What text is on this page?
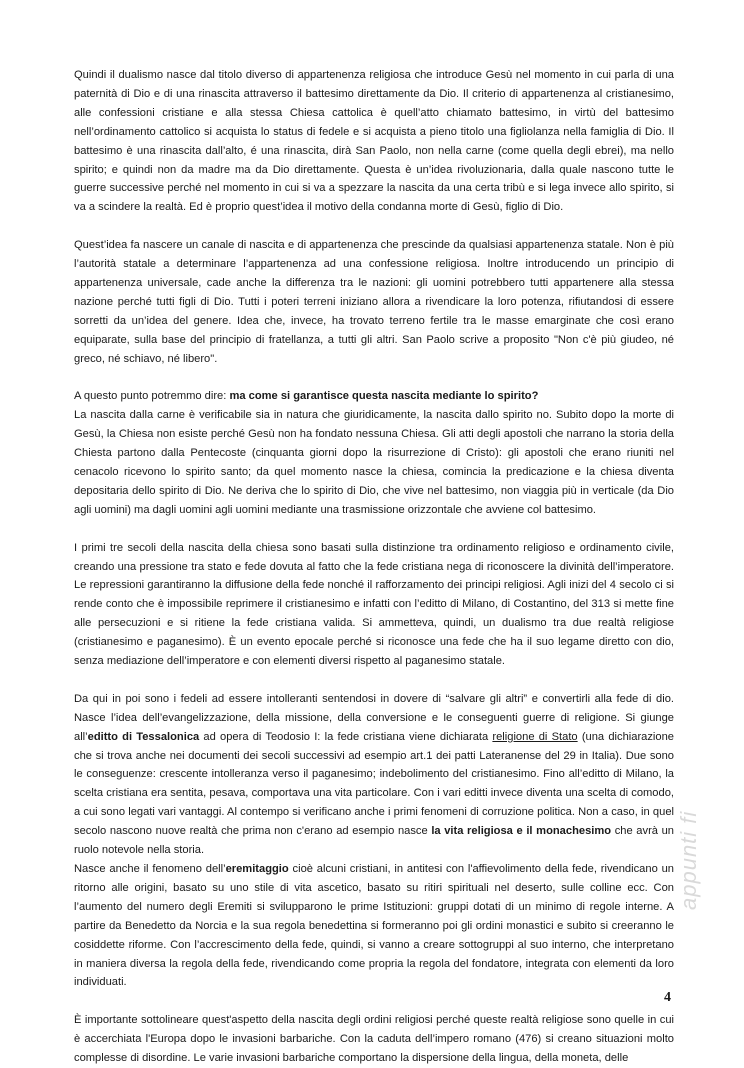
Quindi il dualismo nasce dal titolo diverso di appartenenza religiosa che introduce Gesù nel momento in cui parla di una paternità di Dio e di una rinascita attraverso il battesimo direttamente da Dio. Il criterio di appartenenza al cristianesimo, alle confessioni cristiane e alla stessa Chiesa cattolica è quell’atto chiamato battesimo, in virtù del battesimo nell’ordinamento cattolico si acquista lo status di fedele e si acquista a pieno titolo una figliolanza nella famiglia di Dio. Il battesimo è una rinascita dall’alto, é una rinascita, dirà San Paolo, non nella carne (come quella degli ebrei), ma nello spirito; e quindi non da madre ma da Dio direttamente. Questa è un’idea rivoluzionaria, dalla quale nascono tutte le guerre successive perché nel momento in cui si va a spezzare la nascita da una certa tribù e si lega invece allo spirito, si va a scindere la realtà. Ed è proprio quest’idea il motivo della condanna morte di Gesù, figlio di Dio.

Quest’idea fa nascere un canale di nascita e di appartenenza che prescinde da qualsiasi appartenenza statale. Non è più l’autorità statale a determinare l’appartenenza ad una confessione religiosa. Inoltre introducendo un principio di appartenenza universale, cade anche la differenza tra le nazioni: gli uomini potrebbero tutti appartenere alla stessa nazione perché tutti figli di Dio. Tutti i poteri terreni iniziano allora a rivendicare la loro potenza, rifiutandosi di essere sorretti da un’idea del genere. Idea che, invece, ha trovato terreno fertile tra le masse emarginate che così erano equiparate, sulla base del principio di fratellanza, a tutti gli altri. San Paolo scrive a proposito "Non c'è più giudeo, né greco, né schiavo, né libero".

A questo punto potremmo dire: ma come si garantisce questa nascita mediante lo spirito?

La nascita dalla carne è verificabile sia in natura che giuridicamente, la nascita dallo spirito no. Subito dopo la morte di Gesù, la Chiesa non esiste perché Gesù non ha fondato nessuna Chiesa. Gli atti degli apostoli che narrano la storia della Chiesta partono dalla Pentecoste (cinquanta giorni dopo la risurrezione di Cristo): gli apostoli che erano riuniti nel cenacolo ricevono lo spirito santo; da quel momento nasce la chiesa, comincia la predicazione e la chiesa diventa depositaria dello spirito di Dio. Ne deriva che lo spirito di Dio, che vive nel battesimo, non viaggia più in verticale (da Dio agli uomini) ma dagli uomini agli uomini mediante una trasmissione orizzontale che avviene col battesimo.

I primi tre secoli della nascita della chiesa sono basati sulla distinzione tra ordinamento religioso e ordinamento civile, creando una pressione tra stato e fede dovuta al fatto che la fede cristiana nega di riconoscere la divinità dell’imperatore. Le repressioni garantiranno la diffusione della fede nonché il rafforzamento dei principi religiosi. Agli inizi del 4 secolo ci si rende conto che è impossibile reprimere il cristianesimo e infatti con l’editto di Milano, di Costantino, del 313 si mette fine alle persecuzioni e si ritiene la fede cristiana valida. Si ammetteva, quindi, un dualismo tra due realtà religiose (cristianesimo e paganesimo). È un evento epocale perché si riconosce una fede che ha il suo legame diretto con dio, senza mediazione dell’imperatore e con elementi diversi rispetto al paganesimo statale.

Da qui in poi sono i fedeli ad essere intolleranti sentendosi in dovere di “salvare gli altri” e convertirli alla fede di dio. Nasce l’idea dell’evangelizzazione, della missione, della conversione e le conseguenti guerre di religione. Si giunge all’editto di Tessalonica ad opera di Teodosio I: la fede cristiana viene dichiarata religione di Stato (una dichiarazione che si trova anche nei documenti dei secoli successivi ad esempio art.1 dei patti Lateranense del 29 in Italia). Due sono le conseguenze: crescente intolleranza verso il paganesimo; indebolimento del cristianesimo. Fino all’editto di Milano, la scelta cristiana era sentita, pesava, comportava una vita particolare. Con i vari editti invece diventa una scelta di comodo, a cui sono legati vari vantaggi. Al contempo si verificano anche i primi fenomeni di corruzione politica. Non a caso, in quel secolo nascono nuove realtà che prima non c'erano ad esempio nasce la vita religiosa e il monachesimo che avrà un ruolo notevole nella storia.

Nasce anche il fenomeno dell’eremitaggio cioè alcuni cristiani, in antitesi con l'affievolimento della fede, rivendicano un ritorno alle origini, basato su uno stile di vita ascetico, basato su ritiri spirituali nel deserto, sulle colline ecc. Con l’aumento del numero degli Eremiti si svilupparono le prime Istituzioni: gruppi dotati di un minimo di regole interne. A partire da Benedetto da Norcia e la sua regola benedettina si formeranno poi gli ordini monastici e subito si creeranno le cosiddette riforme. Con l’accrescimento della fede, quindi, si vanno a creare sottogruppi al suo interno, che interpretano in maniera diversa la regola della fede, rivendicando come propria la regola del fondatore, integrata con elementi da loro individuati.

È importante sottolineare quest'aspetto della nascita degli ordini religiosi perché queste realtà religiose sono quelle in cui è accerchiata l'Europa dopo le invasioni barbariche. Con la caduta dell’impero romano (476) si creano situazioni molto complesse di disordine. Le varie invasioni barbariche comportano la dispersione della lingua, della moneta, delle

appunti fi
4
